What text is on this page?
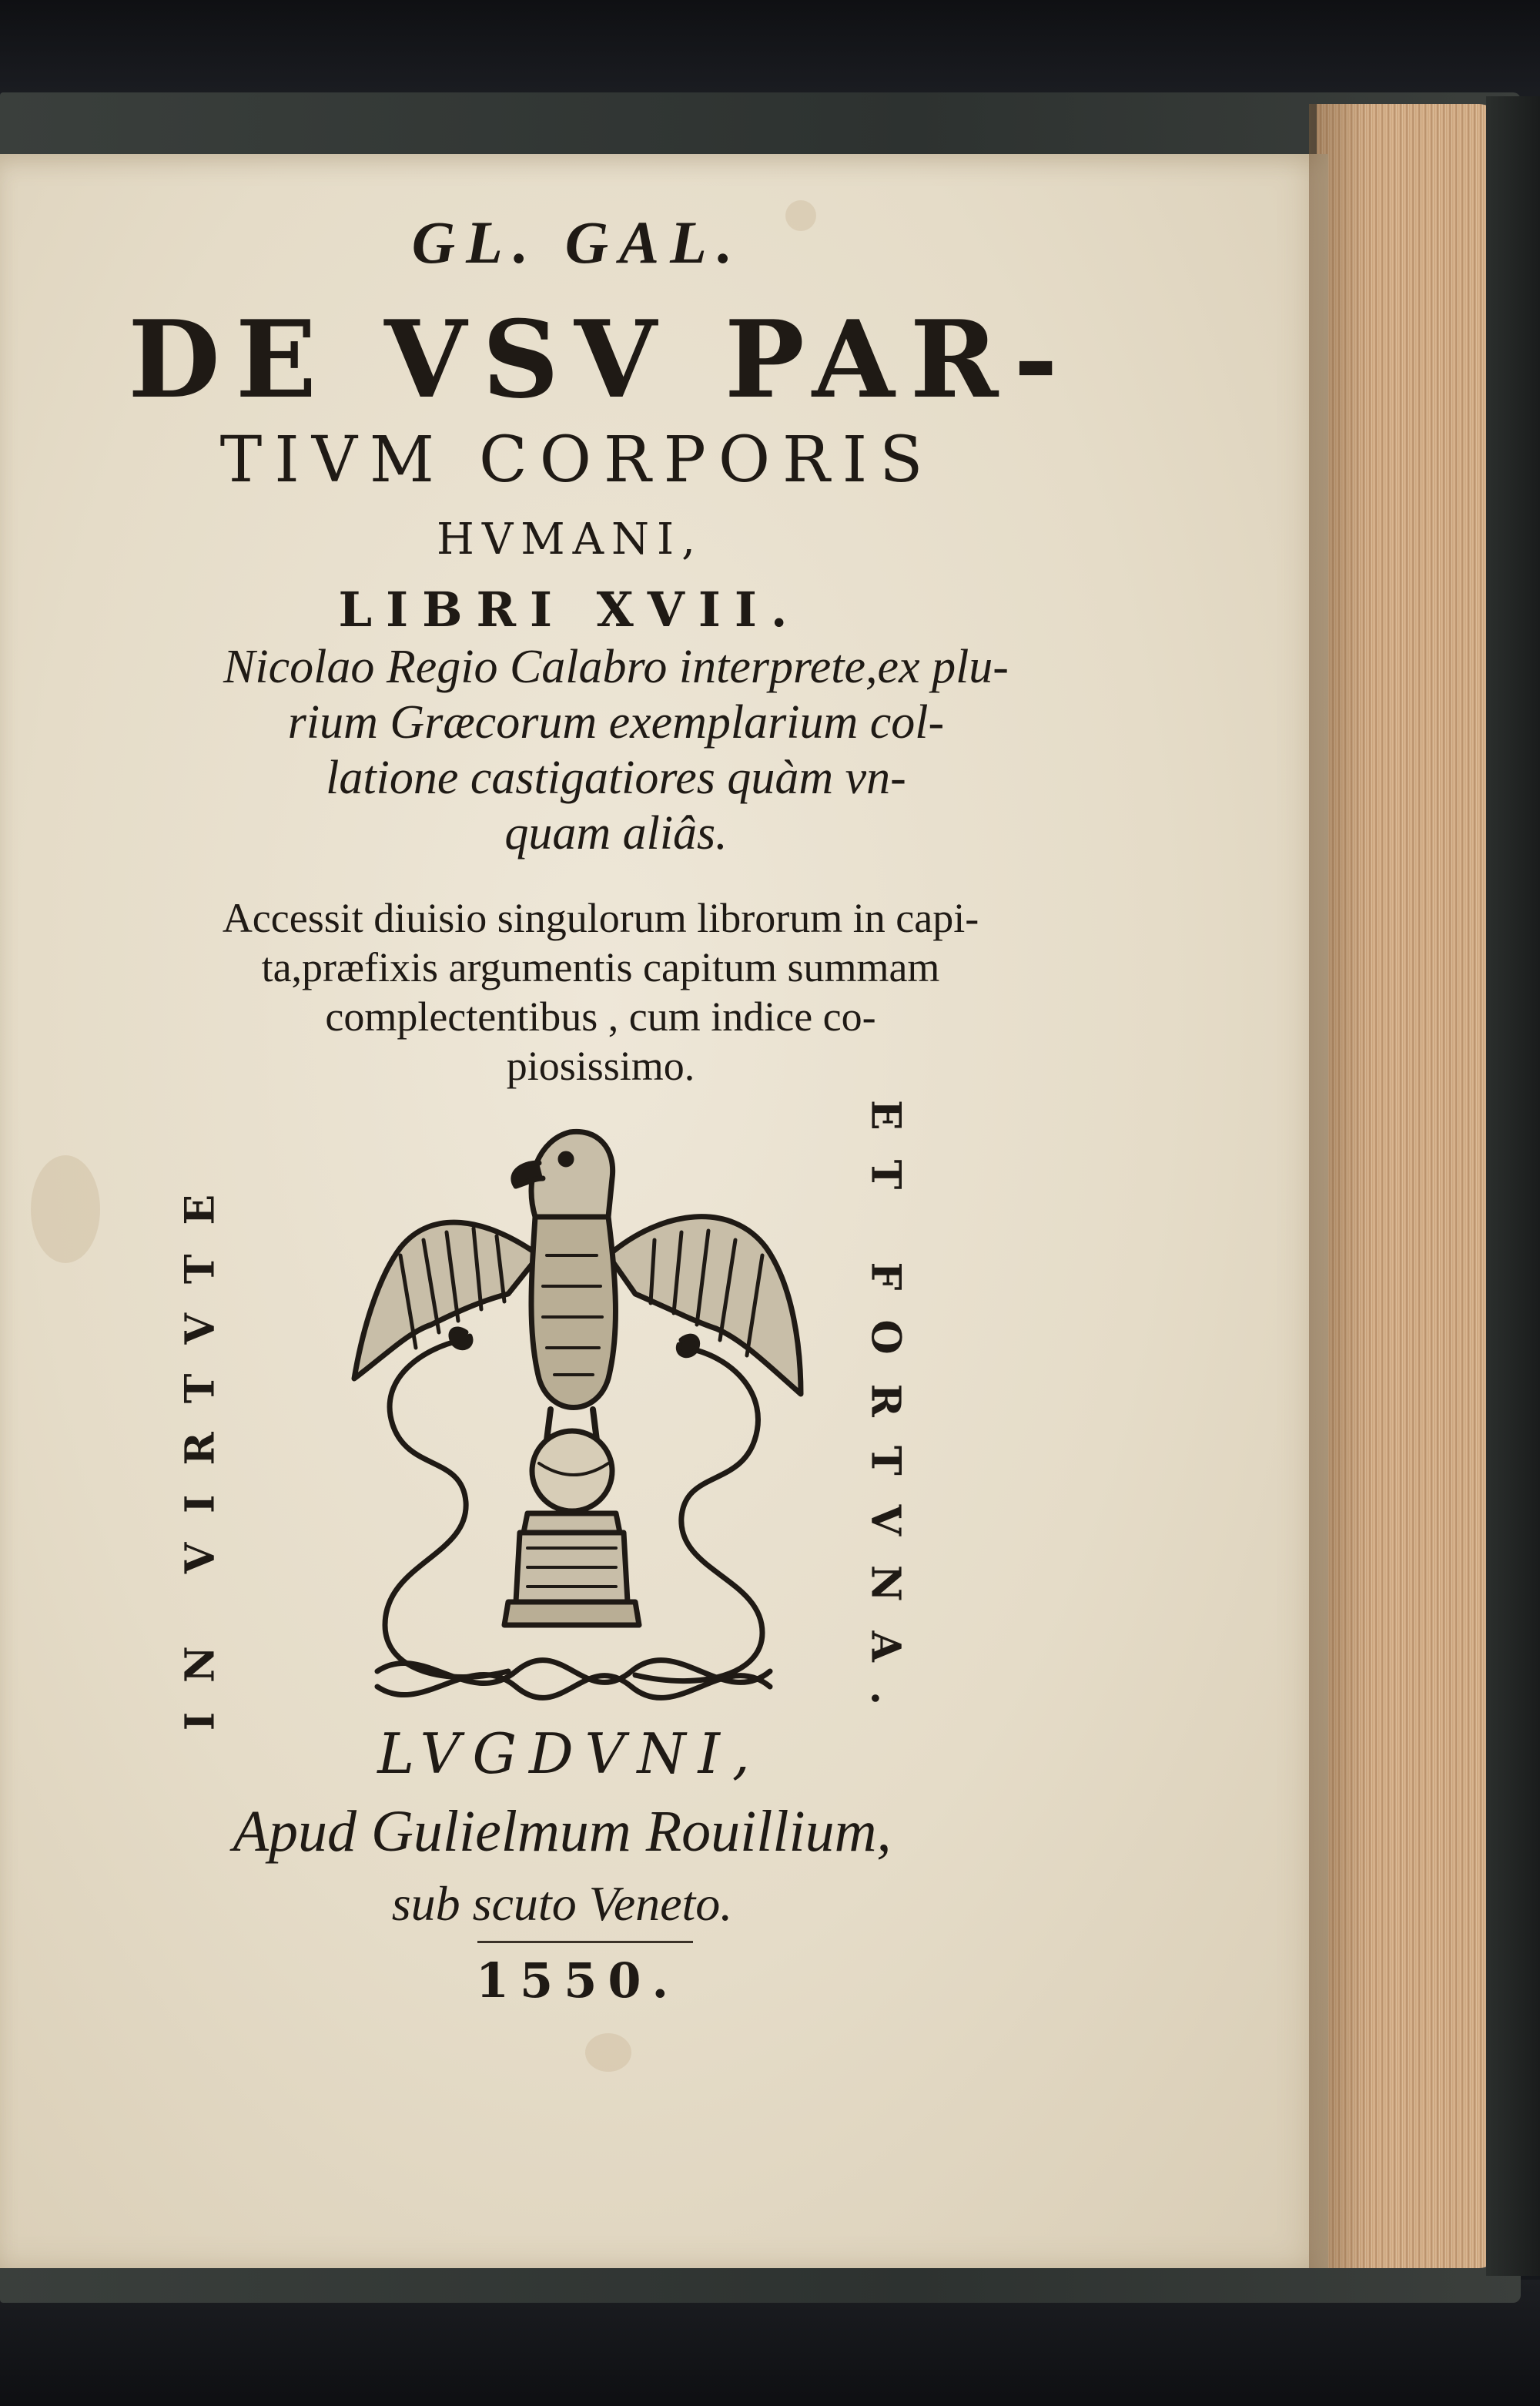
GL. GAL.
DE VSV PAR-
TIVM CORPORIS
HVMANI,
LIBRI XVII.
Nicolao Regio Calabro interprete,ex plu-
rium Græcorum exemplarium col-
latione castigatiores quàm vn-
quam aliâs.
Accessit diuisio singulorum librorum in capi-
ta,præfixis argumentis capitum summam
complectentibus , cum indice co-
piosissimo.
IN VIRTVTE	ET FORTVNA.
LVGDVNI,
Apud Gulielmum Rouillium,
sub scuto Veneto.
1550.
